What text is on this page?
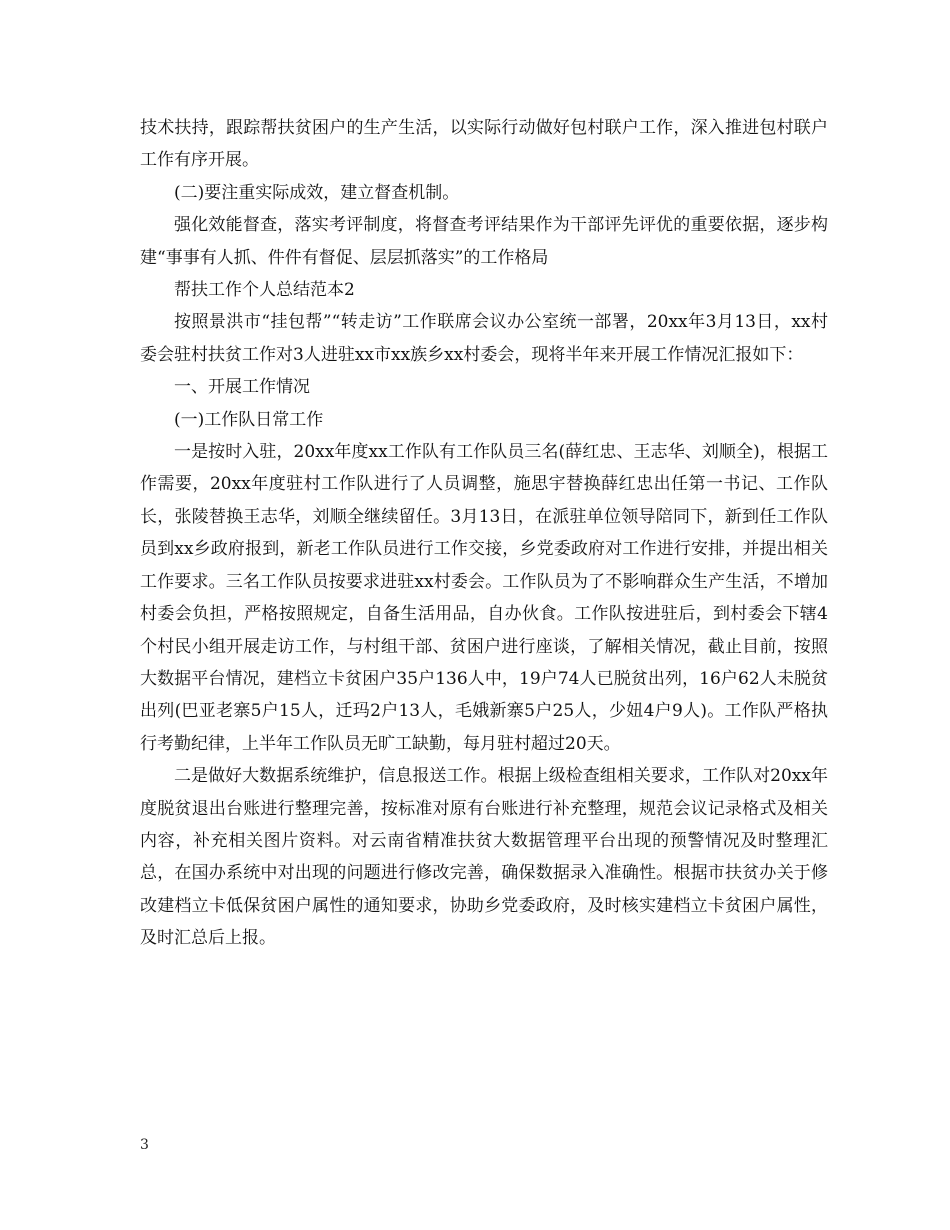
技术扶持，跟踪帮扶贫困户的生产生活，以实际行动做好包村联户工作，深入推进包村联户工作有序开展。

(二)要注重实际成效，建立督查机制。

强化效能督查，落实考评制度，将督查考评结果作为干部评先评优的重要依据，逐步构建“事事有人抓、件件有督促、层层抓落实”的工作格局

帮扶工作个人总结范本2

按照景洪市“挂包帮”“转走访”工作联席会议办公室统一部署，20xx年3月13日，xx村委会驻村扶贫工作对3人进驻xx市xx族乡xx村委会，现将半年来开展工作情况汇报如下：

一、开展工作情况

(一)工作队日常工作

一是按时入驻，20xx年度xx工作队有工作队员三名(薛红忠、王志华、刘顺全)，根据工作需要，20xx年度驻村工作队进行了人员调整，施思宇替换薛红忠出任第一书记、工作队长，张陵替换王志华，刘顺全继续留任。3月13日，在派驻单位领导陪同下，新到任工作队员到xx乡政府报到，新老工作队员进行工作交接，乡党委政府对工作进行安排，并提出相关工作要求。三名工作队员按要求进驻xx村委会。工作队员为了不影响群众生产生活，不增加村委会负担，严格按照规定，自备生活用品，自办伙食。工作队按进驻后，到村委会下辖4个村民小组开展走访工作，与村组干部、贫困户进行座谈，了解相关情况，截止目前，按照大数据平台情况，建档立卡贫困户35户136人中，19户74人已脱贫出列，16户62人未脱贫出列(巴亚老寨5户15人，迁玛2户13人，毛娥新寨5户25人，少妞4户9人)。工作队严格执行考勤纪律，上半年工作队员无旷工缺勤，每月驻村超过20天。

二是做好大数据系统维护，信息报送工作。根据上级检查组相关要求，工作队对20xx年度脱贫退出台账进行整理完善，按标准对原有台账进行补充整理，规范会议记录格式及相关内容，补充相关图片资料。对云南省精准扶贫大数据管理平台出现的预警情况及时整理汇总，在国办系统中对出现的问题进行修改完善，确保数据录入准确性。根据市扶贫办关于修改建档立卡低保贫困户属性的通知要求，协助乡党委政府，及时核实建档立卡贫困户属性，及时汇总后上报。

3
